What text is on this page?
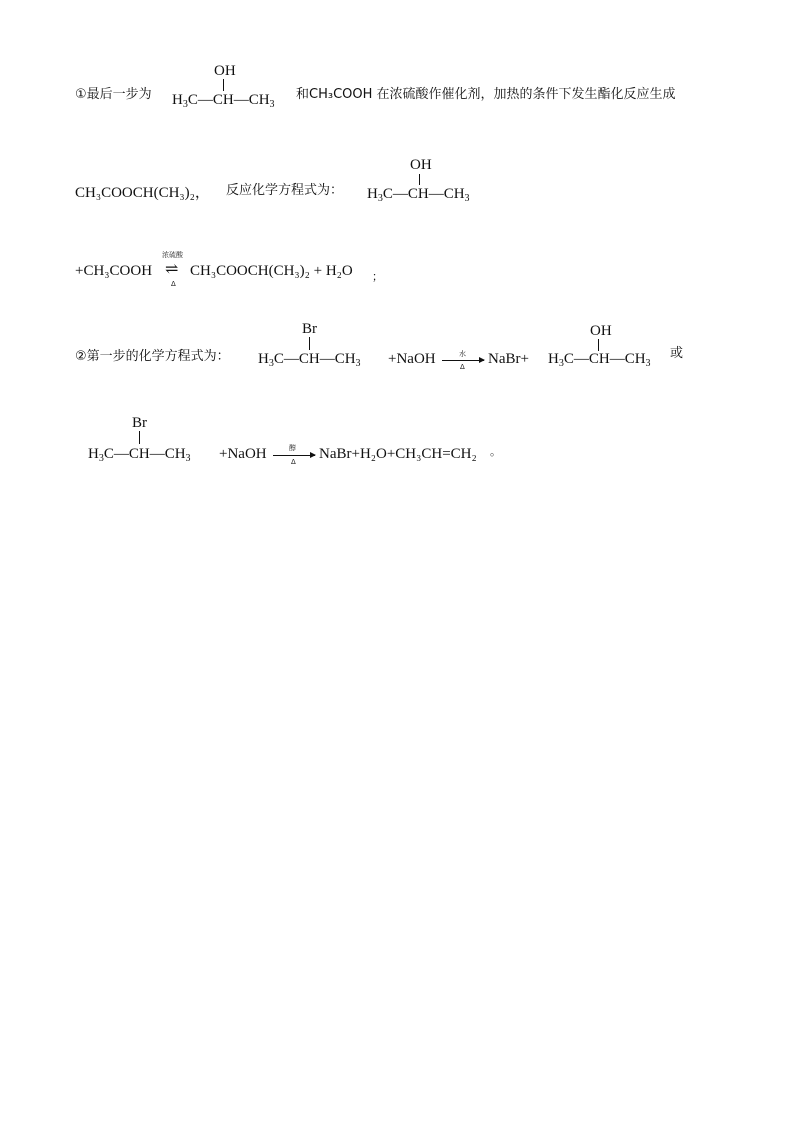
①最后一步为
OH
$H_3C—CH—CH_3$
和CH₃COOH 在浓硫酸作催化剂，加热的条件下发生酯化反应生成
CH₃COOCH(CH₃)₂， 反应化学方程式为：
OH
$H_3C—CH—CH_3$
+CH₃COOH
浓硫酸
⇌
Δ
CH₃COOCH(CH₃)₂ + H₂O ；
②第一步的化学方程式为：
Br
$H_3C—CH—CH_3$ +NaOH	水
Δ NaBr+
OH
$H_3C—CH—CH_3$
或
Br
$H_3C—CH—CH_3$ +NaOH	醇
Δ NaBr+H₂O+CH₃CH=CH₂ 。
